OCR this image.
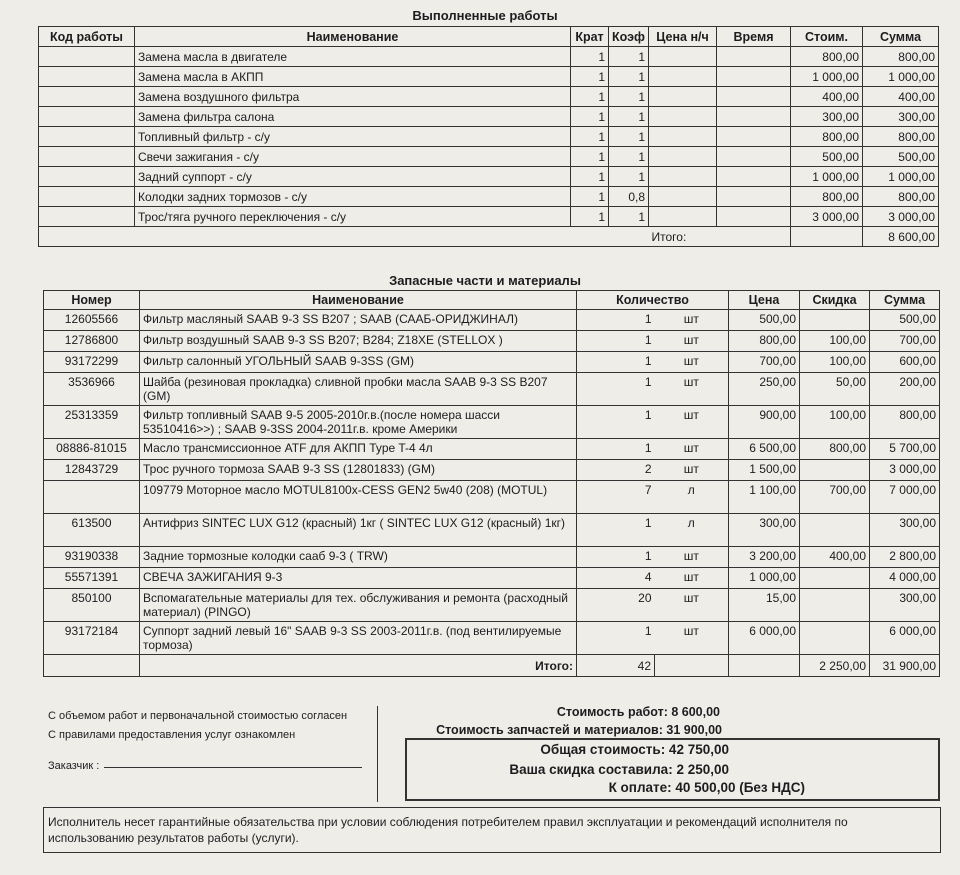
Выполненные работы
Код работы	Наименование	Крат	Коэф	Цена н/ч	Время	Стоим.	Сумма
	Замена масла в двигателе	1	1			800,00	800,00
	Замена масла в АКПП	1	1			1 000,00	1 000,00
	Замена воздушного фильтра	1	1			400,00	400,00
	Замена фильтра салона	1	1			300,00	300,00
	Топливный фильтр - с/у	1	1			800,00	800,00
	Свечи зажигания - с/у	1	1			500,00	500,00
	Задний суппорт - с/у	1	1			1 000,00	1 000,00
	Колодки задних тормозов - с/у	1	0,8			800,00	800,00
	Трос/тяга ручного переключения - с/у	1	1			3 000,00	3 000,00
				Итого:			8 600,00
Запасные части и материалы
Номер	Наименование	Количество		Цена	Скидка	Сумма
12605566	Фильтр масляный SAAB 9-3 SS B207 ; SAAB (СААБ-ОРИДЖИНАЛ)	1	шт	500,00		500,00
12786800	Фильтр воздушный SAAB 9-3 SS B207; B284; Z18XE (STELLOX )	1	шт	800,00	100,00	700,00
93172299	Фильтр салонный УГОЛЬНЫЙ SAAB 9-3SS (GM)	1	шт	700,00	100,00	600,00
3536966	Шайба (резиновая прокладка) сливной пробки масла SAAB 9-3 SS B207 (GM)	1	шт	250,00	50,00	200,00
25313359	Фильтр топливный SAAB 9-5 2005-2010г.в.(после номера шасси 53510416>>) ; SAAB 9-3SS 2004-2011г.в. кроме Америки	1	шт	900,00	100,00	800,00
08886-81015	Масло трансмиссионное ATF для АКПП Type T-4 4л	1	шт	6 500,00	800,00	5 700,00
12843729	Трос ручного тормоза SAAB 9-3 SS (12801833) (GM)	2	шт	1 500,00		3 000,00
	109779 Моторное масло MOTUL8100x-CESS GEN2 5w40 (208) (MOTUL)	7	л	1 100,00	700,00	7 000,00
613500	Антифриз SINTEC LUX G12 (красный) 1кг ( SINTEC LUX G12 (красный) 1кг)	1	л	300,00		300,00
93190338	Задние тормозные колодки сааб 9-3 ( TRW)	1	шт	3 200,00	400,00	2 800,00
55571391	СВЕЧА ЗАЖИГАНИЯ 9-3	4	шт	1 000,00		4 000,00
850100	Вспомагательные материалы для тех. обслуживания и ремонта (расходный материал) (PINGO)	20	шт	15,00		300,00
93172184	Суппорт задний левый 16" SAAB 9-3 SS 2003-2011г.в. (под вентилируемые тормоза)	1	шт	6 000,00		6 000,00
	Итого:	42			2 250,00	31 900,00
С объемом работ и первоначальной стоимостью согласен
С правилами предоставления услуг ознакомлен
Заказчик :
Стоимость работ: 8 600,00
Стоимость запчастей и материалов: 31 900,00
Общая стоимость: 42 750,00
Ваша скидка составила: 2 250,00
К оплате: 40 500,00 (Без НДС)
Исполнитель несет гарантийные обязательства при условии соблюдения потребителем правил эксплуатации и рекомендаций исполнителя по использованию результатов работы (услуги).
